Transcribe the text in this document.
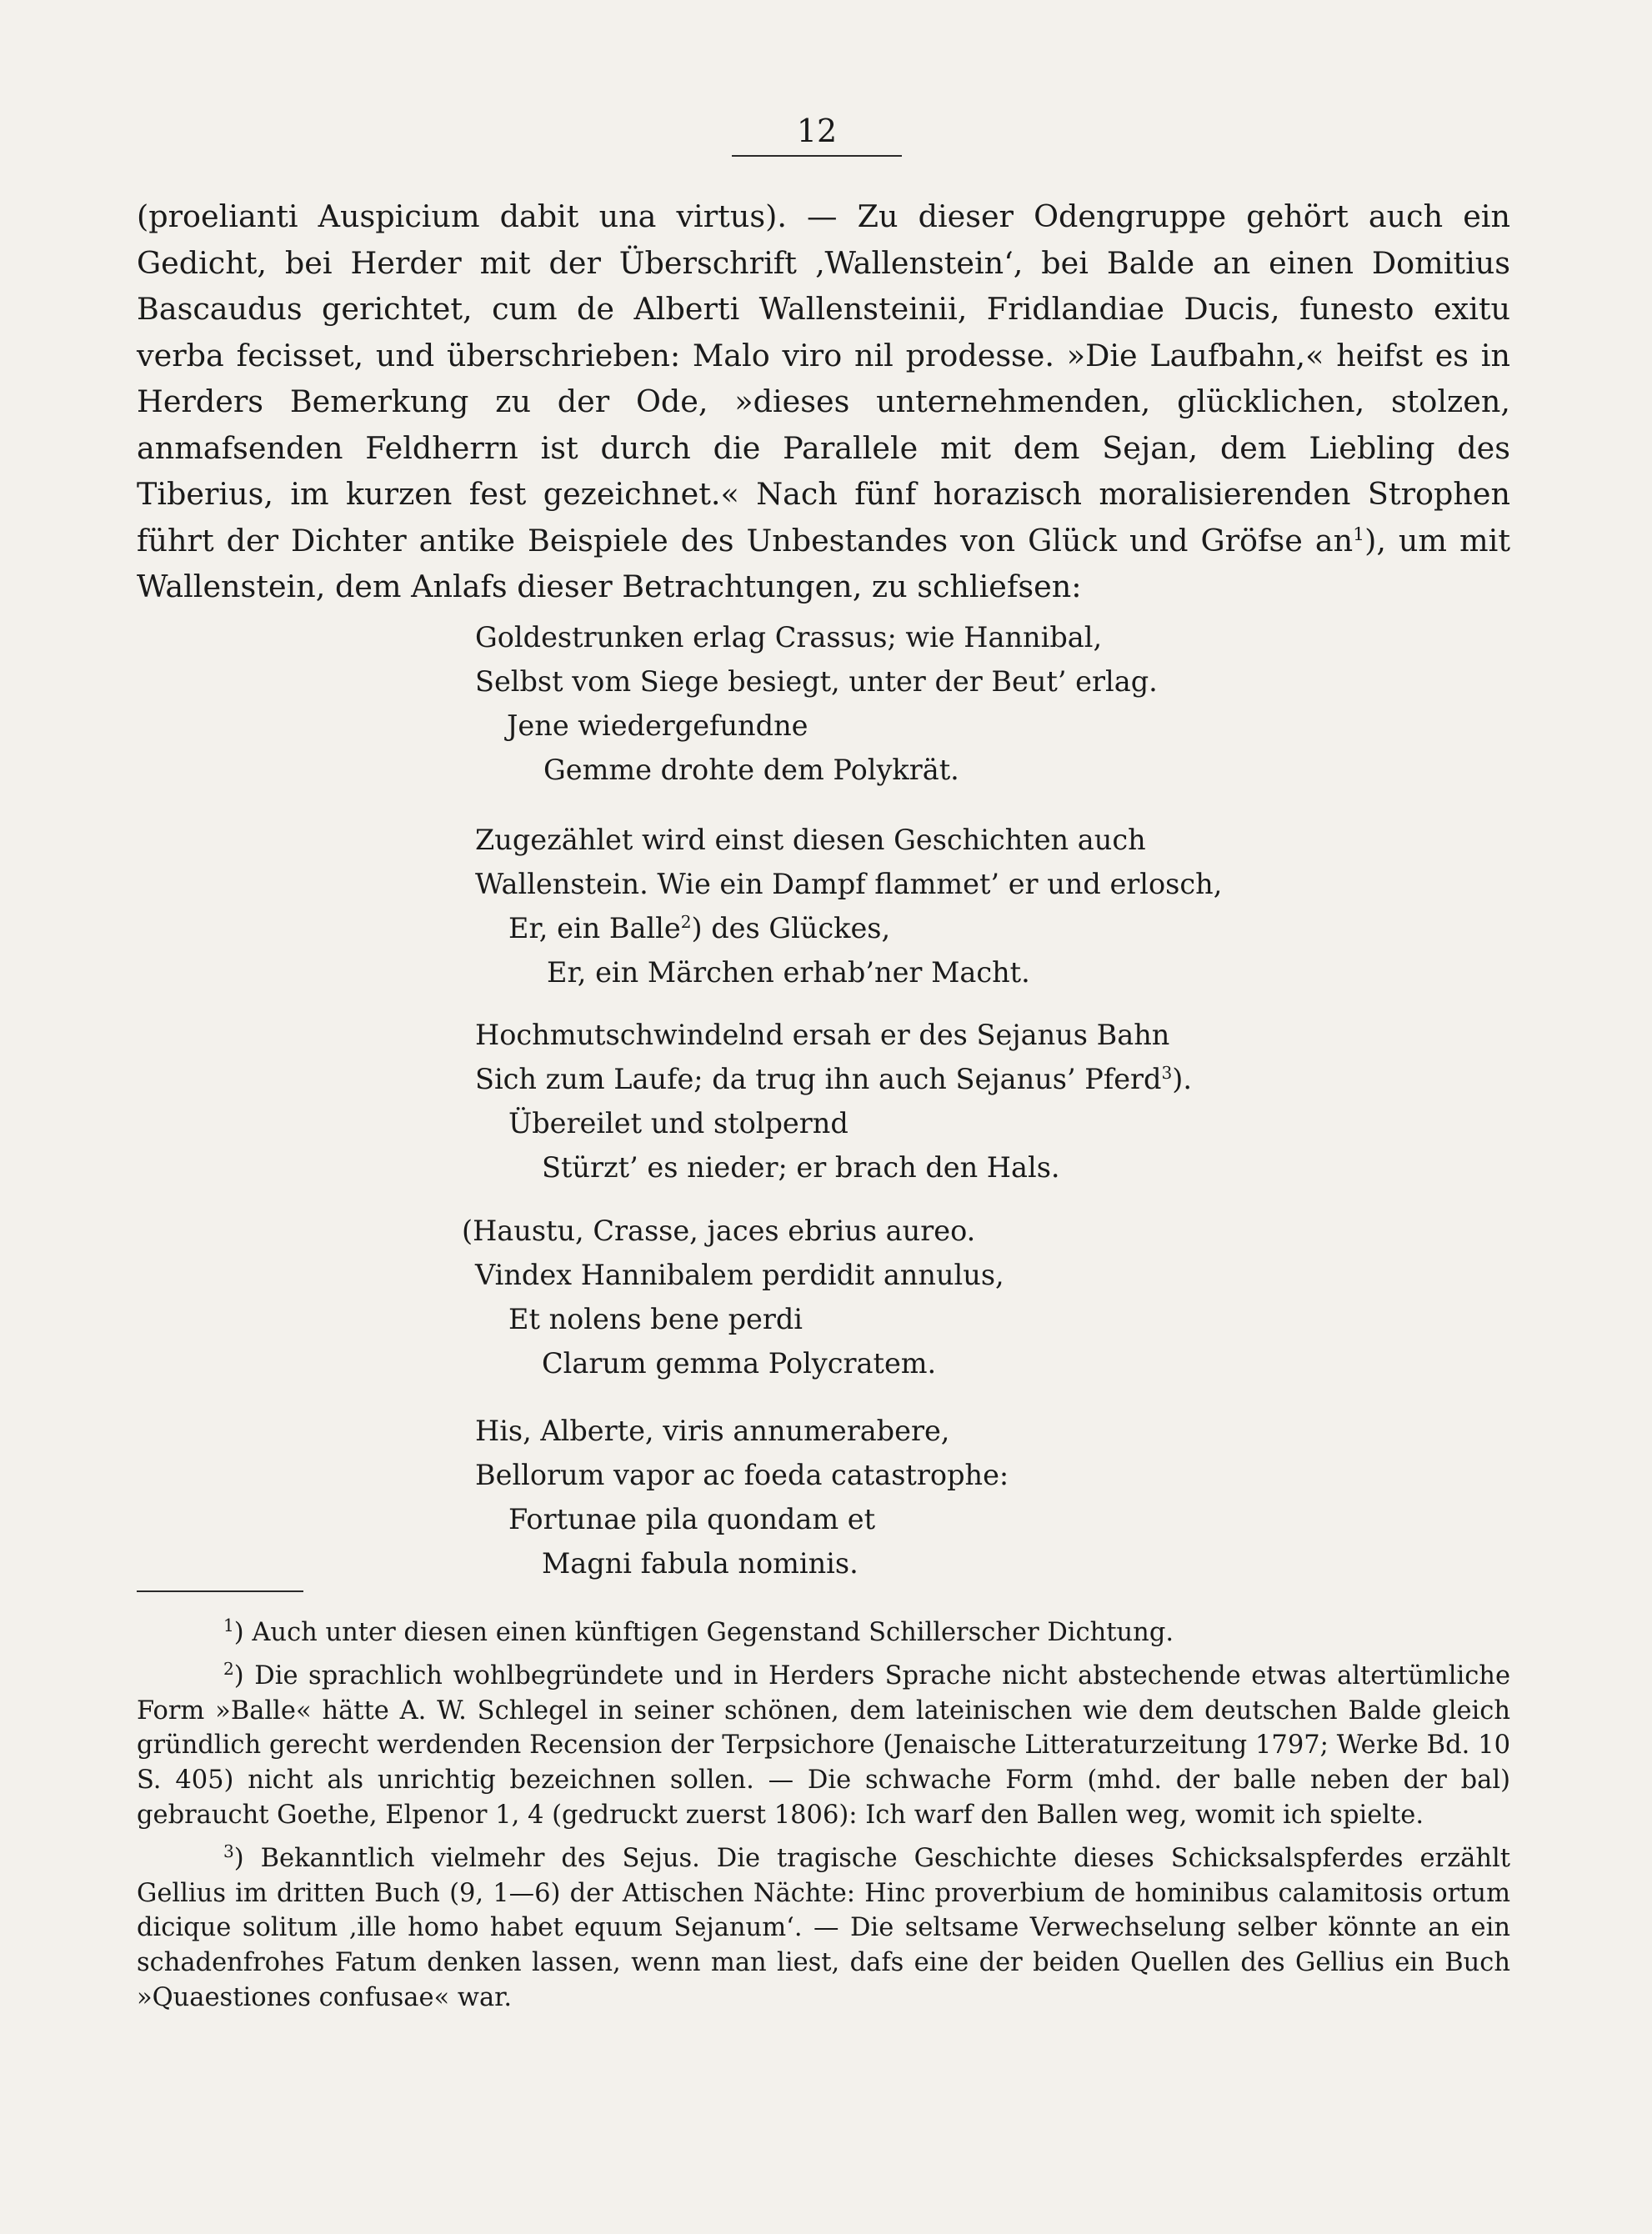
12

(proelianti Auspicium dabit una virtus). — Zu dieser Odengruppe gehört auch ein Gedicht, bei Herder mit der Überschrift ‚Wallenstein‘, bei Balde an einen Domitius Bascaudus gerichtet, cum de Alberti Wallensteinii, Fridlandiae Ducis, funesto exitu verba fecisset, und überschrieben: Malo viro nil prodesse. »Die Laufbahn,« heifst es in Herders Bemerkung zu der Ode, »dieses unternehmenden, glücklichen, stolzen, anmafsenden Feldherrn ist durch die Parallele mit dem Sejan, dem Liebling des Tiberius, im kurzen fest gezeichnet.« Nach fünf horazisch moralisierenden Strophen führt der Dichter antike Beispiele des Unbestandes von Glück und Gröfse $an^1$), um mit Wallenstein, dem Anlafs dieser Betrachtungen, zu schliefsen:

Goldestrunken erlag Crassus; wie Hannibal,
Selbst vom Siege besiegt, unter der Beut’ erlag.
Jene wiedergefundne
Gemme drohte dem Polykrät.
Zugezählet wird einst diesen Geschichten auch
Wallenstein. Wie ein Dampf flammet’ er und erlosch,
Er, ein Balle$^2$) des Glückes,
Er, ein Märchen erhab’ner Macht.
Hochmutschwindelnd ersah er des Sejanus Bahn
Sich zum Laufe; da trug ihn auch Sejanus’ Pferd$^3$).
Übereilet und stolpernd
Stürzt’ es nieder; er brach den Hals.
(Haustu, Crasse, jaces ebrius aureo.
Vindex Hannibalem perdidit annulus,
Et nolens bene perdi
Clarum gemma Polycratem.
His, Alberte, viris annumerabere,
Bellorum vapor ac foeda catastrophe:
Fortunae pila quondam et
Magni fabula nominis.

$^1$) Auch unter diesen einen künftigen Gegenstand Schillerscher Dichtung.

$^2$) Die sprachlich wohlbegründete und in Herders Sprache nicht abstechende etwas altertümliche Form »Balle« hätte A. W. Schlegel in seiner schönen, dem lateinischen wie dem deutschen Balde gleich gründlich gerecht werdenden Recension der Terpsichore (Jenaische Litteraturzeitung 1797; Werke Bd. 10 S. 405) nicht als unrichtig bezeichnen sollen. — Die schwache Form (mhd. der balle neben der bal) gebraucht Goethe, Elpenor 1, 4 (gedruckt zuerst 1806): Ich warf den Ballen weg, womit ich spielte.

$^3$) Bekanntlich vielmehr des Sejus. Die tragische Geschichte dieses Schicksalspferdes erzählt Gellius im dritten Buch (9, 1—6) der Attischen Nächte: Hinc proverbium de hominibus calamitosis ortum dicique solitum ‚ille homo habet equum Sejanum‘. — Die seltsame Verwechselung selber könnte an ein schadenfrohes Fatum denken lassen, wenn man liest, dafs eine der beiden Quellen des Gellius ein Buch »Quaestiones confusae« war.
